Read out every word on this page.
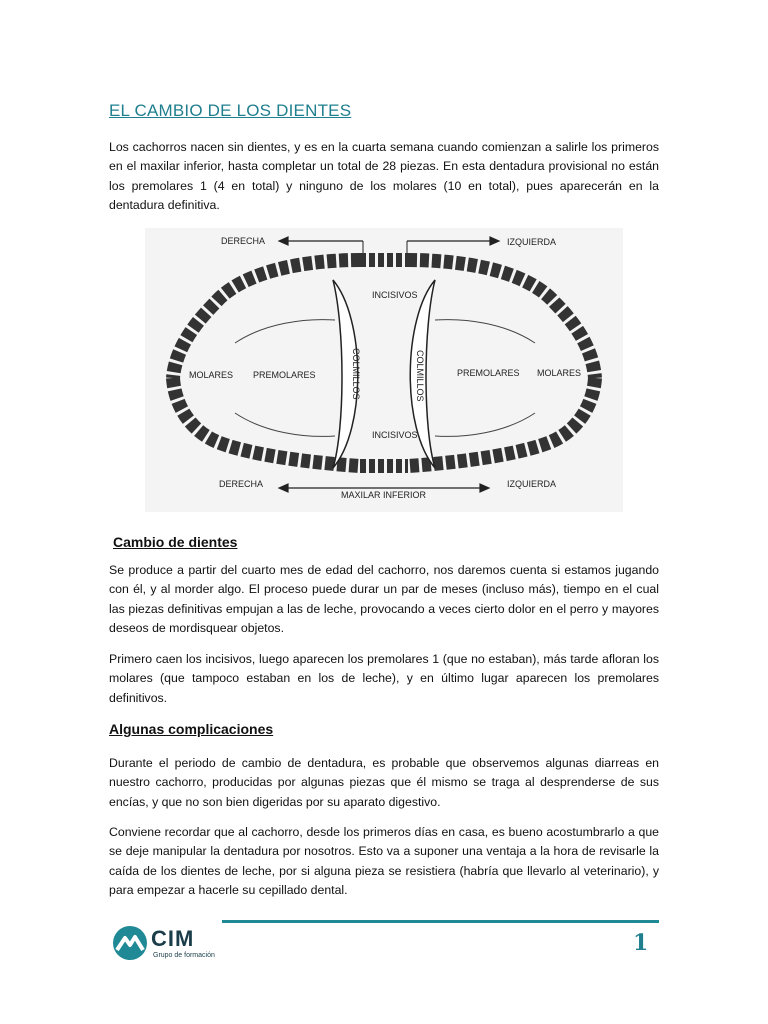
EL CAMBIO DE LOS DIENTES

Los cachorros nacen sin dientes, y es en la cuarta semana cuando comienzan a salirle los primeros en el maxilar inferior, hasta completar un total de 28 piezas. En esta dentadura provisional no están los premolares 1 (4 en total) y ninguno de los molares (10 en total), pues aparecerán en la dentadura definitiva.

DERECHA	IZQUIERDA
INCISIVOS
INCISIVOS
MOLARES PREMOLARES	PREMOLARES MOLARES
COLMILLOS	COLMILLOS
DERECHA	IZQUIERDA
MAXILAR INFERIOR
Cambio de dientes

Se produce a partir del cuarto mes de edad del cachorro, nos daremos cuenta si estamos jugando con él, y al morder algo. El proceso puede durar un par de meses (incluso más), tiempo en el cual las piezas definitivas empujan a las de leche, provocando a veces cierto dolor en el perro y mayores deseos de mordisquear objetos.

Primero caen los incisivos, luego aparecen los premolares 1 (que no estaban), más tarde afloran los molares (que tampoco estaban en los de leche), y en último lugar aparecen los premolares definitivos.

Algunas complicaciones

Durante el periodo de cambio de dentadura, es probable que observemos algunas diarreas en nuestro cachorro, producidas por algunas piezas que él mismo se traga al desprenderse de sus encías, y que no son bien digeridas por su aparato digestivo.

Conviene recordar que al cachorro, desde los primeros días en casa, es bueno acostumbrarlo a que se deje manipular la dentadura por nosotros. Esto va a suponer una ventaja a la hora de revisarle la caída de los dientes de leche, por si alguna pieza se resistiera (habría que llevarlo al veterinario), y para empezar a hacerle su cepillado dental.

CIM
Grupo de formación	1
